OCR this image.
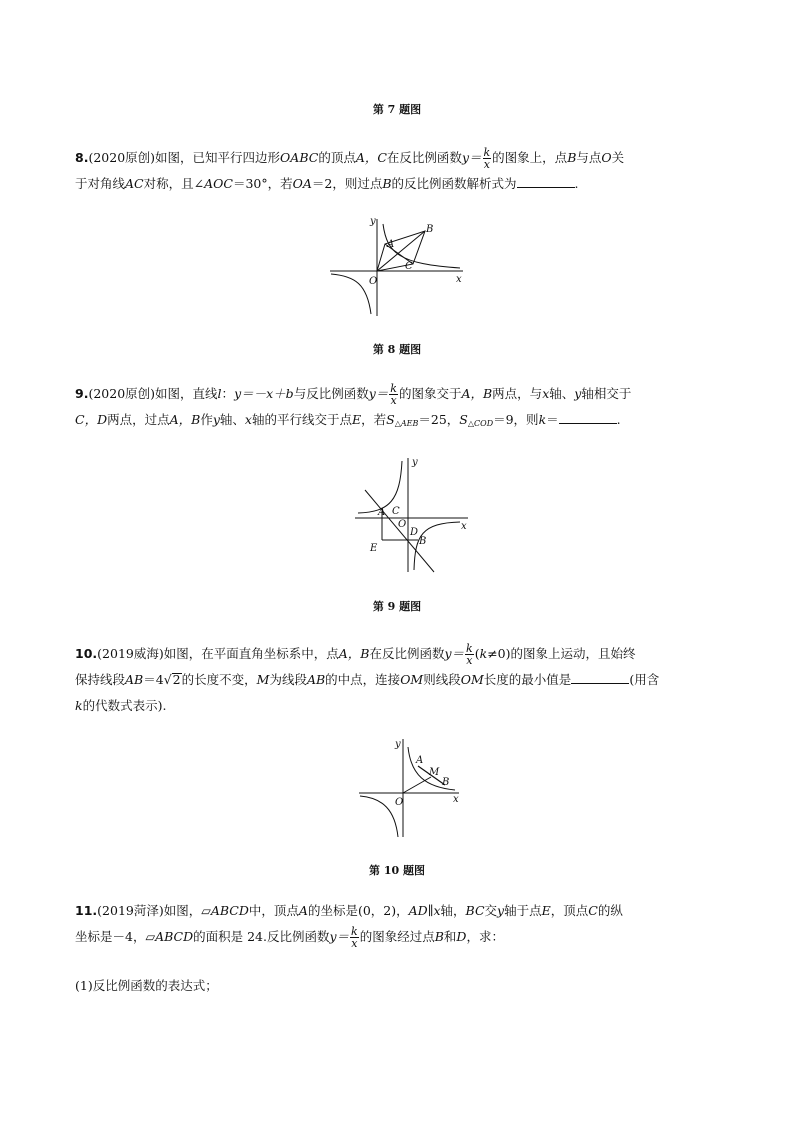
第 7 题图
8.(2020原创)如图，已知平行四边形OABC的顶点A，C在反比例函数$y= \frac{k}{x}$ 的图象上，点B与点O关
于对角线AC对称，且∠AOC＝30°，若OA＝2，则过点B的反比例函数解析式为	.
y
x
A
B
C
O
第 8 题图
9.(2020原创)如图，直线l：y＝－x＋b与反比例函数$y= \frac{k}{x}$ 的图象交于A，B两点，与x轴、y轴相交于
C，D两点，过点A，B作y轴、x轴的平行线交于点E，若$S_{\triangle AEB}=25$，$S_{\triangle COD}=9$，则k＝	.
y
x
A C
O
D
B
E
第 9 题图
10.(2019威海)如图，在平面直角坐标系中，点A，B在反比例函数$y= \frac{k}{x} (k\ne 0)$的图象上运动，且始终
保持线段AB＝4√2的长度不变，M为线段AB的中点，连接OM则线段OM长度的最小值是	(用含
k的代数式表示).
y
x
A
M
B
O
第 10 题图
11.(2019菏泽)如图，▱ABCD中，顶点A的坐标是(0，2)，AD∥x轴，BC交y轴于点E，顶点C的纵
坐标是－4，▱ABCD的面积是 24.反比例函数$y= \frac{k}{x}$ 的图象经过点B和D，求：
(1)反比例函数的表达式；
